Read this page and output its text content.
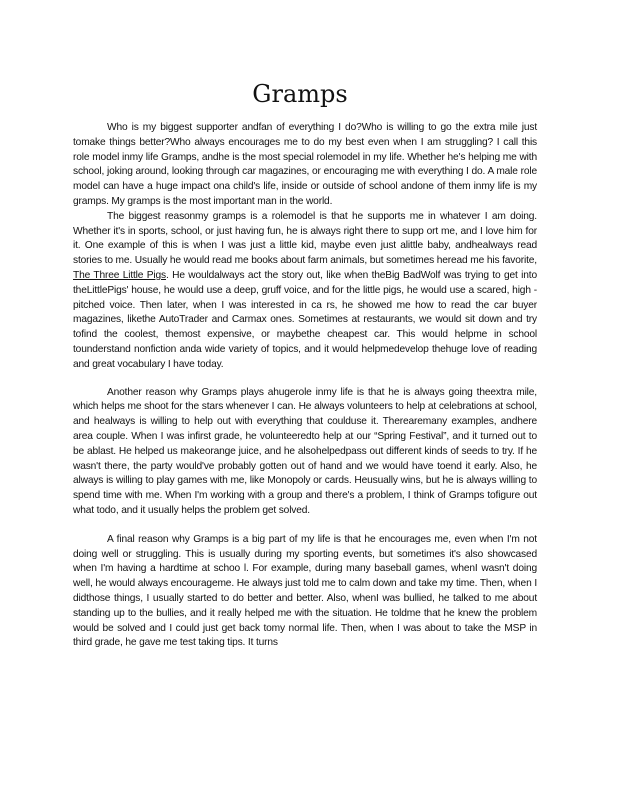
Gramps

Who is my biggest supporter andfan of everything I do?Who is willing to go the extra mile just tomake things better?Who always encourages me to do my best even when I am struggling? I call this role model inmy life Gramps, andhe is the most special rolemodel in my life. Whether he's helping me with school, joking around, looking through car magazines, or encouraging me with everything I do. A male role model can have a huge impact ona child's life, inside or outside of school andone of them inmy life is my gramps. My gramps is the most important man in the world.

The biggest reasonmy gramps is a rolemodel is that he supports me in whatever I am doing. Whether it's in sports, school, or just having fun, he is always right there to supp ort me, and I love him for it. One example of this is when I was just a little kid, maybe even just alittle baby, andhealways read stories to me. Usually he would read me books about farm animals, but sometimes heread me his favorite, The Three Little Pigs. He wouldalways act the story out, like when theBig BadWolf was trying to get into theLittlePigs' house, he would use a deep, gruff voice, and for the little pigs, he would use a scared, high -pitched voice. Then later, when I was interested in ca rs, he showed me how to read the car buyer magazines, likethe AutoTrader and Carmax ones. Sometimes at restaurants, we would sit down and try tofind the coolest, themost expensive, or maybethe cheapest car. This would helpme in school tounderstand nonfiction anda wide variety of topics, and it would helpmedevelop thehuge love of reading and great vocabulary I have today.

Another reason why Gramps plays ahugerole inmy life is that he is always going theextra mile, which helps me shoot for the stars whenever I can. He always volunteers to help at celebrations at school, and healways is willing to help out with everything that coulduse it. Therearemany examples, andhere area couple. When I was infirst grade, he volunteeredto help at our “Spring Festival”, and it turned out to be ablast. He helped us makeorange juice, and he alsohelpedpass out different kinds of seeds to try. If he wasn't there, the party would've probably gotten out of hand and we would have toend it early. Also, he always is willing to play games with me, like Monopoly or cards. Heusually wins, but he is always willing to spend time with me. When I'm working with a group and there's a problem, I think of Gramps tofigure out what todo, and it usually helps the problem get solved.

A final reason why Gramps is a big part of my life is that he encourages me, even when I'm not doing well or struggling. This is usually during my sporting events, but sometimes it's also showcased when I'm having a hardtime at schoo l. For example, during many baseball games, whenI wasn't doing well, he would always encourageme. He always just told me to calm down and take my time. Then, when I didthose things, I usually started to do better and better. Also, whenI was bullied, he talked to me about standing up to the bullies, and it really helped me with the situation. He toldme that he knew the problem would be solved and I could just get back tomy normal life. Then, when I was about to take the MSP in third grade, he gave me test taking tips. It turns
